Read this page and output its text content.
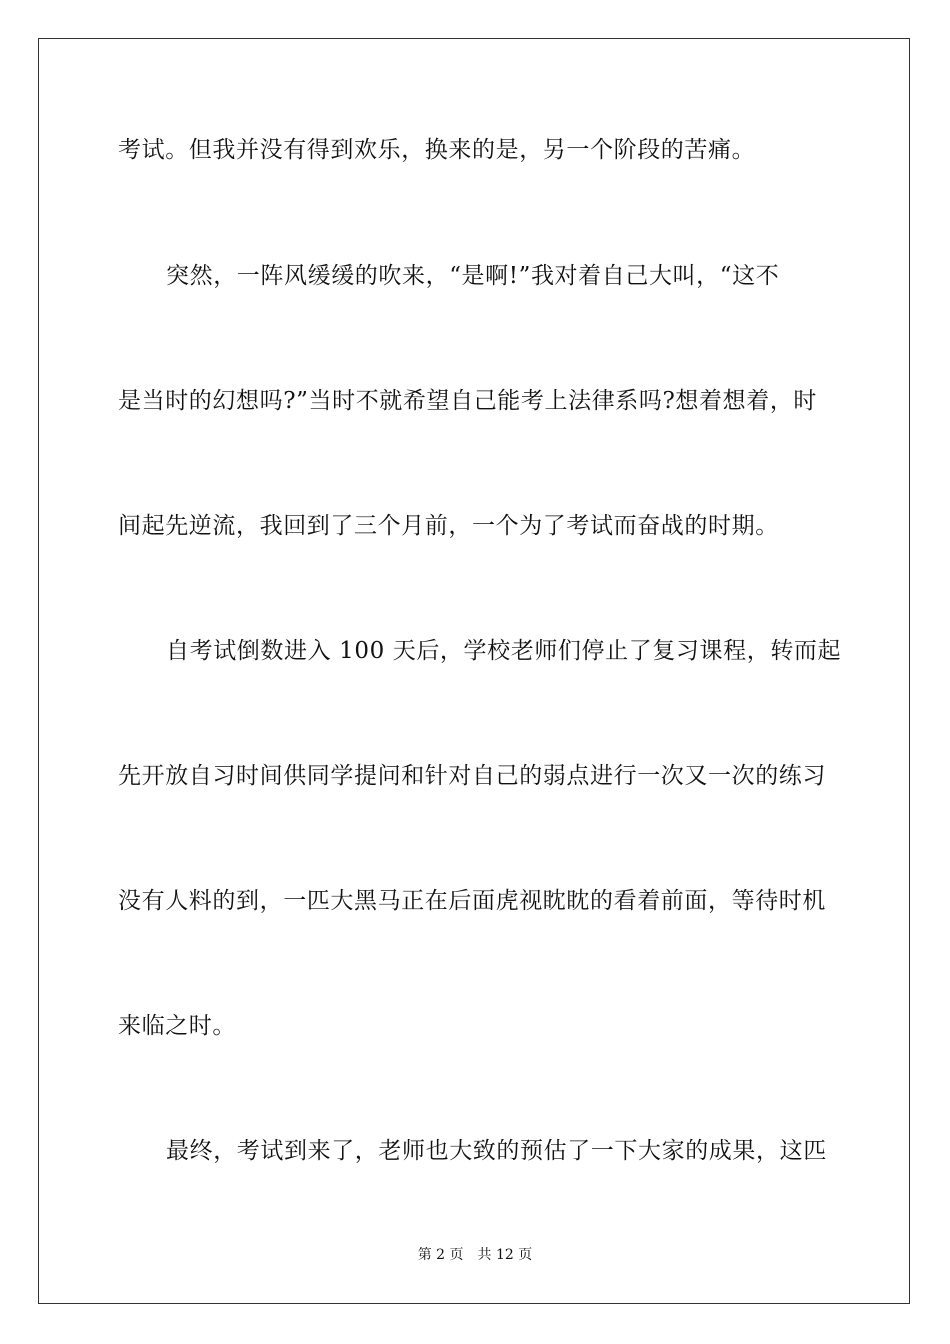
考试。但我并没有得到欢乐，换来的是，另一个阶段的苦痛。
突然，一阵风缓缓的吹来，“是啊!”我对着自己大叫，“这不
是当时的幻想吗?”当时不就希望自己能考上法律系吗?想着想着，时
间起先逆流，我回到了三个月前，一个为了考试而奋战的时期。
自考试倒数进入 100 天后，学校老师们停止了复习课程，转而起
先开放自习时间供同学提问和针对自己的弱点进行一次又一次的练习
没有人料的到，一匹大黑马正在后面虎视眈眈的看着前面，等待时机
来临之时。
最终，考试到来了，老师也大致的预估了一下大家的成果，这匹
第 2 页 共 12 页
